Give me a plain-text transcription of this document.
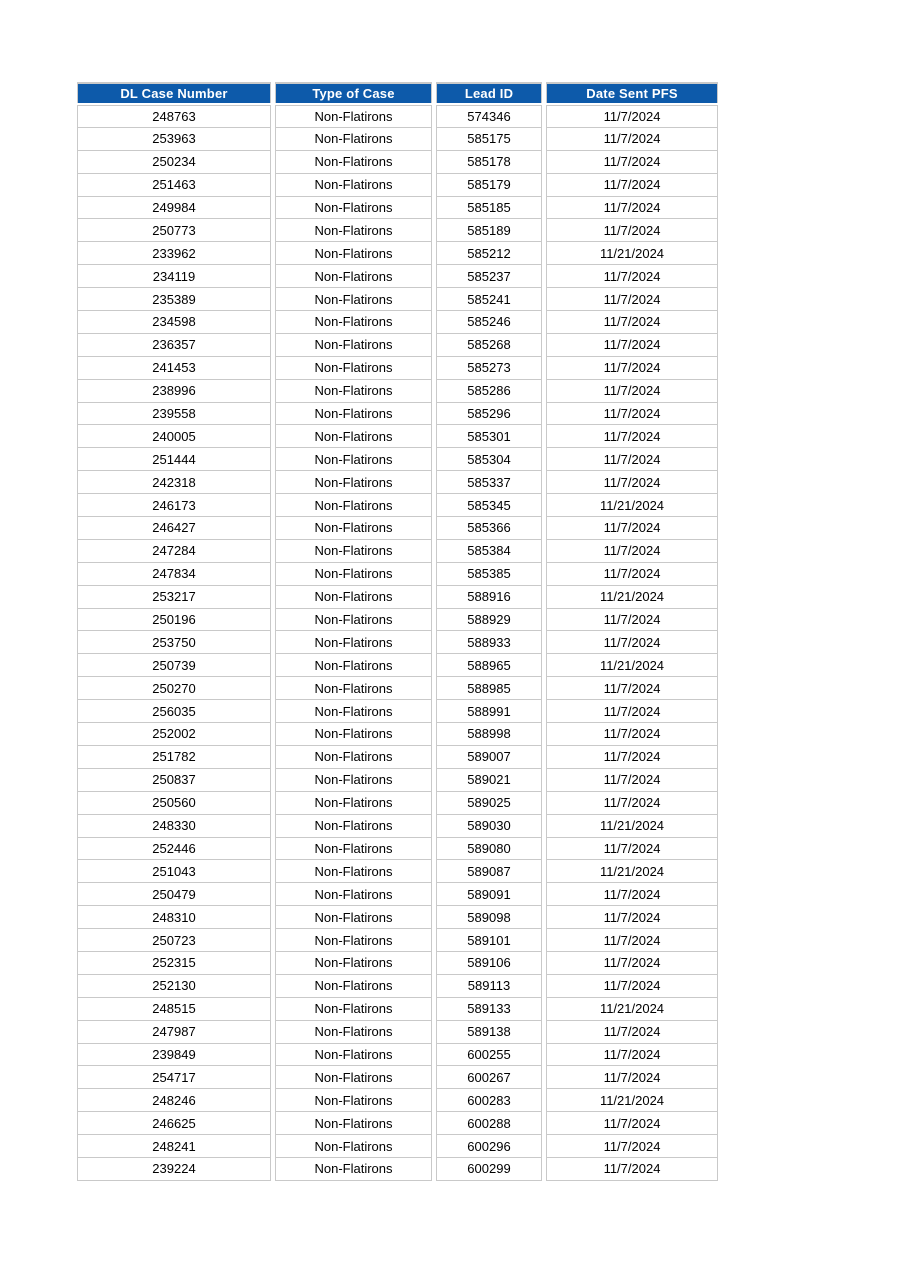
DL Case Number	Type of Case	Lead ID	Date Sent PFS
248763	Non-Flatirons	574346	11/7/2024
253963	Non-Flatirons	585175	11/7/2024
250234	Non-Flatirons	585178	11/7/2024
251463	Non-Flatirons	585179	11/7/2024
249984	Non-Flatirons	585185	11/7/2024
250773	Non-Flatirons	585189	11/7/2024
233962	Non-Flatirons	585212	11/21/2024
234119	Non-Flatirons	585237	11/7/2024
235389	Non-Flatirons	585241	11/7/2024
234598	Non-Flatirons	585246	11/7/2024
236357	Non-Flatirons	585268	11/7/2024
241453	Non-Flatirons	585273	11/7/2024
238996	Non-Flatirons	585286	11/7/2024
239558	Non-Flatirons	585296	11/7/2024
240005	Non-Flatirons	585301	11/7/2024
251444	Non-Flatirons	585304	11/7/2024
242318	Non-Flatirons	585337	11/7/2024
246173	Non-Flatirons	585345	11/21/2024
246427	Non-Flatirons	585366	11/7/2024
247284	Non-Flatirons	585384	11/7/2024
247834	Non-Flatirons	585385	11/7/2024
253217	Non-Flatirons	588916	11/21/2024
250196	Non-Flatirons	588929	11/7/2024
253750	Non-Flatirons	588933	11/7/2024
250739	Non-Flatirons	588965	11/21/2024
250270	Non-Flatirons	588985	11/7/2024
256035	Non-Flatirons	588991	11/7/2024
252002	Non-Flatirons	588998	11/7/2024
251782	Non-Flatirons	589007	11/7/2024
250837	Non-Flatirons	589021	11/7/2024
250560	Non-Flatirons	589025	11/7/2024
248330	Non-Flatirons	589030	11/21/2024
252446	Non-Flatirons	589080	11/7/2024
251043	Non-Flatirons	589087	11/21/2024
250479	Non-Flatirons	589091	11/7/2024
248310	Non-Flatirons	589098	11/7/2024
250723	Non-Flatirons	589101	11/7/2024
252315	Non-Flatirons	589106	11/7/2024
252130	Non-Flatirons	589113	11/7/2024
248515	Non-Flatirons	589133	11/21/2024
247987	Non-Flatirons	589138	11/7/2024
239849	Non-Flatirons	600255	11/7/2024
254717	Non-Flatirons	600267	11/7/2024
248246	Non-Flatirons	600283	11/21/2024
246625	Non-Flatirons	600288	11/7/2024
248241	Non-Flatirons	600296	11/7/2024
239224	Non-Flatirons	600299	11/7/2024
